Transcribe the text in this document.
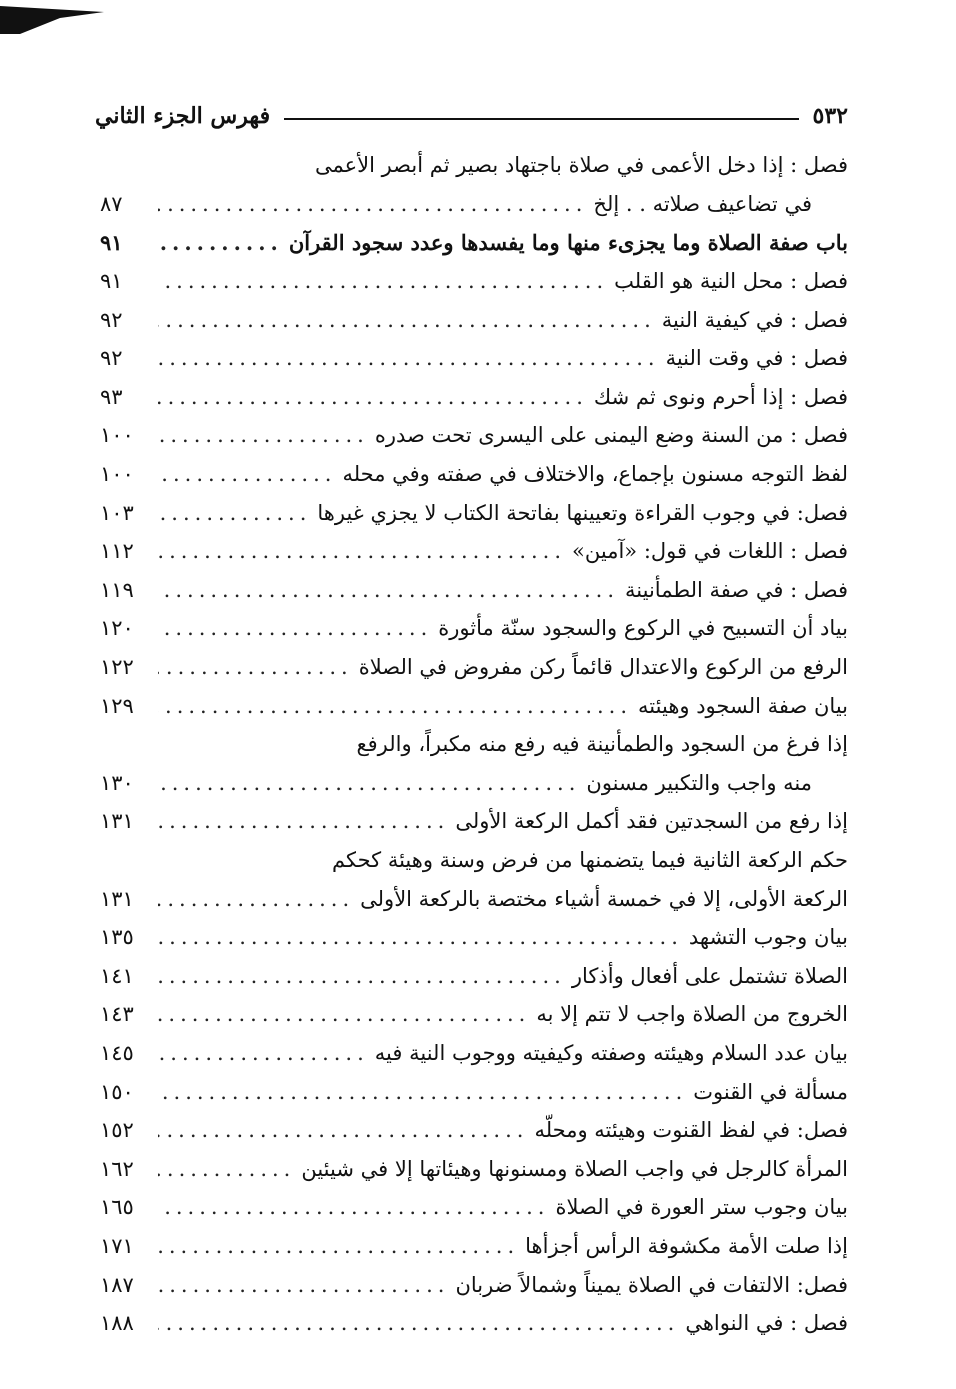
٥٣٢
فهرس الجزء الثاني
فصل : إذا دخل الأعمى في صلاة باجتهاد بصير ثم أبصر الأعمى
في تضاعيف صلاته . . إلخ
.....
٨٧
باب صفة الصلاة وما يجزىء منها وما يفسدها وعدد سجود القرآن
.....
٩١
فصل : محل النية هو القلب
.....
٩١
فصل : في كيفية النية
.....
٩٢
فصل : في وقت النية
.....
٩٢
فصل : إذا أحرم ونوى ثم شك
.....
٩٣
فصل : من السنة وضع اليمنى على اليسرى تحت صدره
.....
١٠٠
لفظ التوجه مسنون بإجماع، والاختلاف في صفته وفي محله
.....
١٠٠
فصل: في وجوب القراءة وتعيينها بفاتحة الكتاب لا يجزي غيرها
.....
١٠٣
فصل : اللغات في قول: «آمين»
.....
١١٢
فصل : في صفة الطمأنينة
.....
١١٩
بياد أن التسبيح في الركوع والسجود سنّة مأثورة
.....
١٢٠
الرفع من الركوع والاعتدال قائماً ركن مفروض في الصلاة
.....
١٢٢
بيان صفة السجود وهيئته
.....
١٢٩
إذا فرغ من السجود والطمأنينة فيه رفع منه مكبراً، والرفع
منه واجب والتكبير مسنون
.....
١٣٠
إذا رفع من السجدتين فقد أكمل الركعة الأولى
.....
١٣١
حكم الركعة الثانية فيما يتضمنها من فرض وسنة وهيئة كحكم
الركعة الأولى، إلا في خمسة أشياء مختصة بالركعة الأولى
.....
١٣١
بيان وجوب التشهد
.....
١٣٥
الصلاة تشتمل على أفعال وأذكار
.....
١٤١
الخروج من الصلاة واجب لا تتم إلا به
.....
١٤٣
بيان عدد السلام وهيئته وصفته وكيفيته ووجوب النية فيه
.....
١٤٥
مسألة في القنوت
.....
١٥٠
فصل: في لفظ القنوت وهيئته ومحلّه
.....
١٥٢
المرأة كالرجل في واجب الصلاة ومسنونها وهيئاتها إلا في شيئين
.....
١٦٢
بيان وجوب ستر العورة في الصلاة
.....
١٦٥
إذا صلت الأمة مكشوفة الرأس أجزأها
.....
١٧١
فصل: الالتفات في الصلاة يميناً وشمالاً ضربان
.....
١٨٧
فصل : في النواهي
.....
١٨٨
